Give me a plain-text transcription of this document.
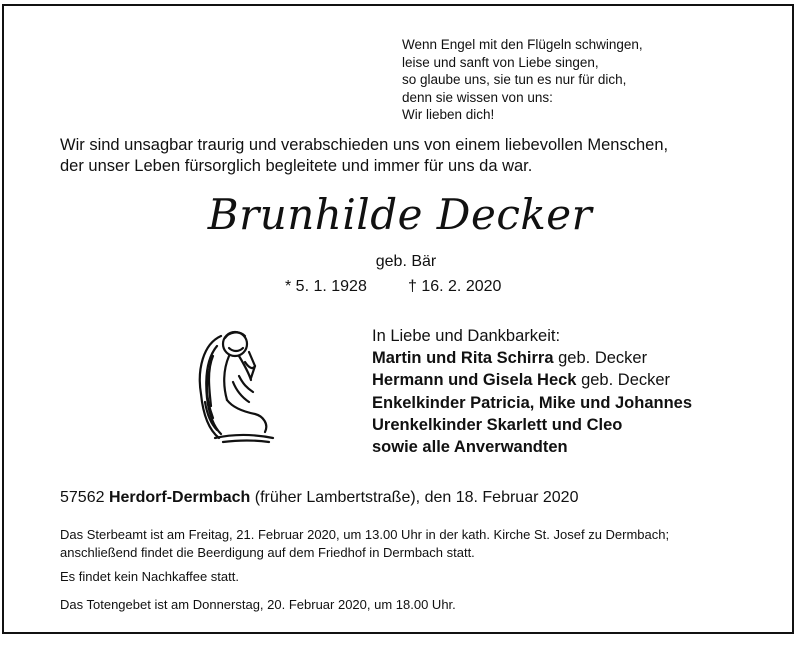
Wenn Engel mit den Flügeln schwingen,
leise und sanft von Liebe singen,
so glaube uns, sie tun es nur für dich,
denn sie wissen von uns:
Wir lieben dich!
Wir sind unsagbar traurig und verabschieden uns von einem liebevollen Menschen,
der unser Leben fürsorglich begleitete und immer für uns da war.
Brunhilde Decker
geb. Bär
* 5. 1. 1928	† 16. 2. 2020
In Liebe und Dankbarkeit:
Martin und Rita Schirra geb. Decker
Hermann und Gisela Heck geb. Decker
Enkelkinder Patricia, Mike und Johannes
Urenkelkinder Skarlett und Cleo
sowie alle Anverwandten
57562 Herdorf-Dermbach (früher Lambertstraße), den 18. Februar 2020
Das Sterbeamt ist am Freitag, 21. Februar 2020, um 13.00 Uhr in der kath. Kirche St. Josef zu Dermbach;
anschließend findet die Beerdigung auf dem Friedhof in Dermbach statt.
Es findet kein Nachkaffee statt.
Das Totengebet ist am Donnerstag, 20. Februar 2020, um 18.00 Uhr.
